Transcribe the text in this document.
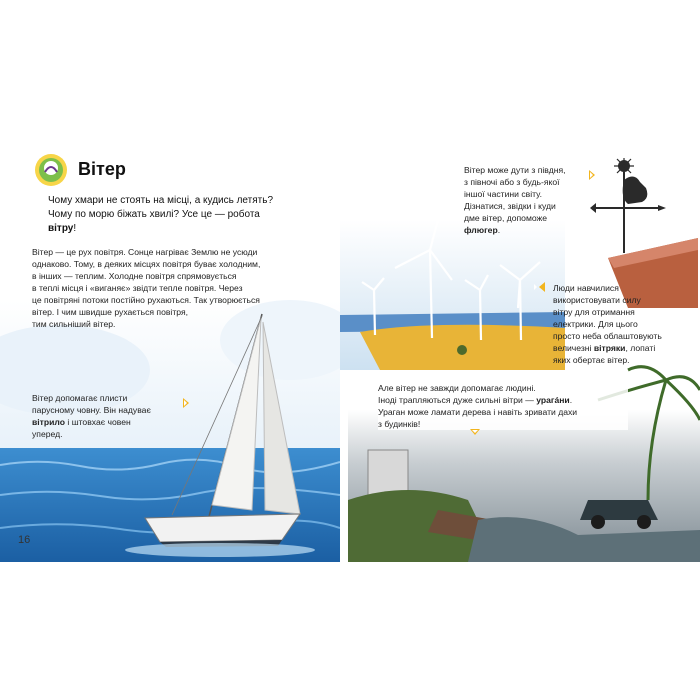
Вітер
Чому хмари не стоять на місці, а кудись летять?
Чому по морю біжать хвилі? Усе це — робота
вітру!
Вітер — це рух повітря. Сонце нагріває Землю не усюди
однаково. Тому, в деяких місцях повітря буває холодним,
в інших — теплим. Холодне повітря спрямовується
в теплі місця і «виганяє» звідти тепле повітря. Через
це повітряні потоки постійно рухаються. Так утворюється
вітер. І чим швидше рухається повітря,
тим сильніший вітер.
Вітер допомагає плисти
парусному човну. Він надуває
вітрило і штовхає човен
уперед.
16
Вітер може дути з півдня,
з півночі або з будь-якої
іншої частини світу.
Дізнатися, звідки і куди
дме вітер, допоможе
флюгер.
Люди навчилися
використовувати силу
вітру для отримання
електрики. Для цього
просто неба облаштовують
величезні вітряки, лопаті
яких обертає вітер.
Але вітер не завжди допомагає людині.
Іноді трапляються дуже сильні вітри — урагáни.
Ураган може ламати дерева і навіть зривати дахи
з будинків!
